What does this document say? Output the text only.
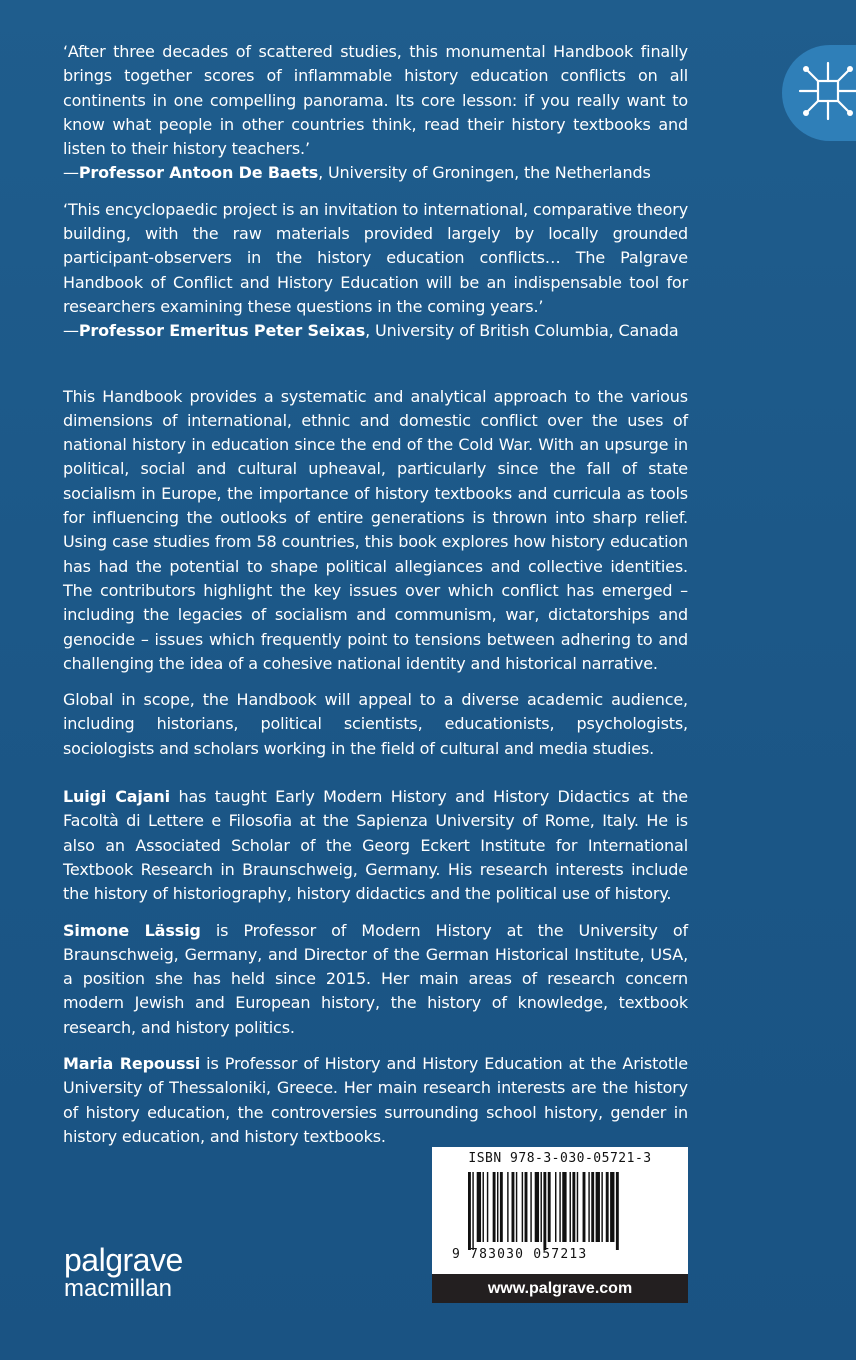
‘After three decades of scattered studies, this monumental Handbook finally brings together scores of inflammable history education conflicts on all continents in one compelling panorama. Its core lesson: if you really want to know what people in other countries think, read their history textbooks and listen to their history teachers.’

—Professor Antoon De Baets, University of Groningen, the Netherlands

‘This encyclopaedic project is an invitation to international, comparative theory building, with the raw materials provided largely by locally grounded participant-observers in the history education conflicts… The Palgrave Handbook of Conflict and History Education will be an indispensable tool for researchers examining these questions in the coming years.’

—Professor Emeritus Peter Seixas, University of British Columbia, Canada

This Handbook provides a systematic and analytical approach to the various dimensions of international, ethnic and domestic conflict over the uses of national history in education since the end of the Cold War. With an upsurge in political, social and cultural upheaval, particularly since the fall of state socialism in Europe, the importance of history textbooks and curricula as tools for influencing the outlooks of entire generations is thrown into sharp relief. Using case studies from 58 countries, this book explores how history education has had the potential to shape political allegiances and collective identities. The contributors highlight the key issues over which conflict has emerged – including the legacies of socialism and communism, war, dictatorships and genocide – issues which frequently point to tensions between adhering to and challenging the idea of a cohesive national identity and historical narrative.

Global in scope, the Handbook will appeal to a diverse academic audience, including historians, political scientists, educationists, psychologists, sociologists and scholars working in the field of cultural and media studies.

Luigi Cajani has taught Early Modern History and History Didactics at the Facoltà di Lettere e Filosofia at the Sapienza University of Rome, Italy. He is also an Associated Scholar of the Georg Eckert Institute for International Textbook Research in Braunschweig, Germany. His research interests include the history of historiography, history didactics and the political use of history.

Simone Lässig is Professor of Modern History at the University of Braunschweig, Germany, and Director of the German Historical Institute, USA, a position she has held since 2015. Her main areas of research concern modern Jewish and European history, the history of knowledge, textbook research, and history politics.

Maria Repoussi is Professor of History and History Education at the Aristotle University of Thessaloniki, Greece. Her main research interests are the history of history education, the controversies surrounding school history, gender in history education, and history textbooks.

ISBN 978-3-030-05721-3
9 783030 057213
www.palgrave.com
palgrave
macmillan
